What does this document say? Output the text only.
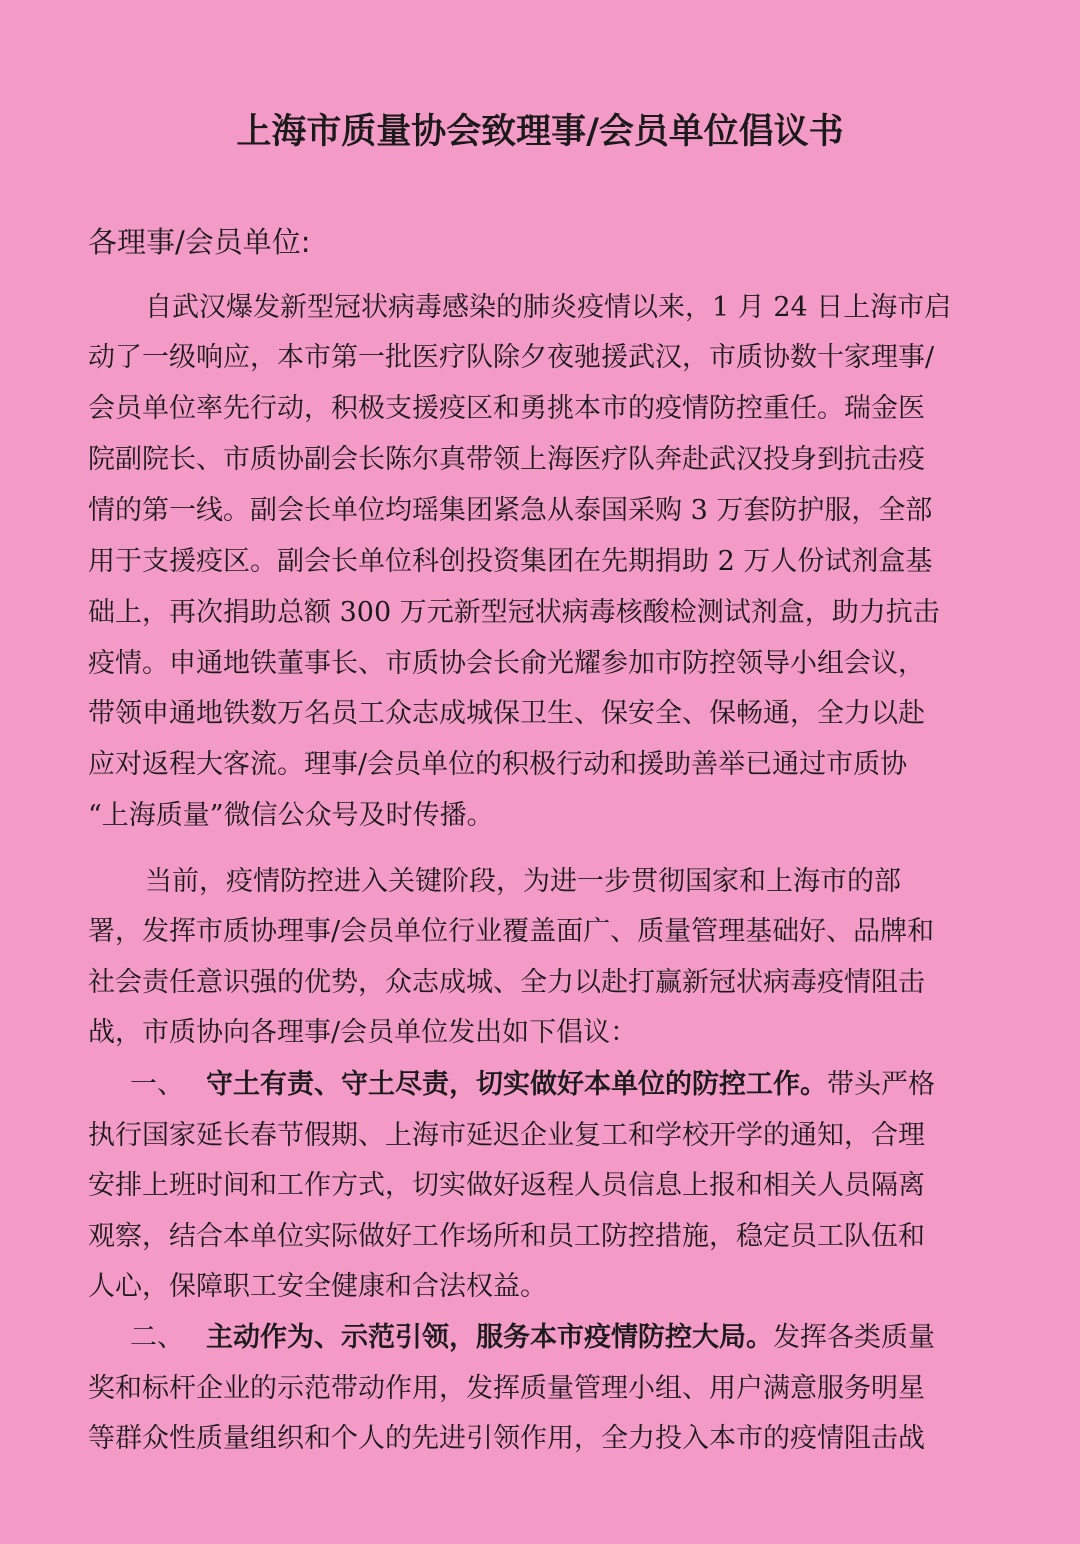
上海市质量协会致理事/会员单位倡议书
各理事/会员单位:
自武汉爆发新型冠状病毒感染的肺炎疫情以来，1 月 24 日上海市启
动了一级响应，本市第一批医疗队除夕夜驰援武汉，市质协数十家理事/
会员单位率先行动，积极支援疫区和勇挑本市的疫情防控重任。瑞金医
院副院长、市质协副会长陈尔真带领上海医疗队奔赴武汉投身到抗击疫
情的第一线。副会长单位均瑶集团紧急从泰国采购 3 万套防护服，全部
用于支援疫区。副会长单位科创投资集团在先期捐助 2 万人份试剂盒基
础上，再次捐助总额 300 万元新型冠状病毒核酸检测试剂盒，助力抗击
疫情。申通地铁董事长、市质协会长俞光耀参加市防控领导小组会议，
带领申通地铁数万名员工众志成城保卫生、保安全、保畅通，全力以赴
应对返程大客流。理事/会员单位的积极行动和援助善举已通过市质协
“上海质量”微信公众号及时传播。
当前，疫情防控进入关键阶段，为进一步贯彻国家和上海市的部
署，发挥市质协理事/会员单位行业覆盖面广、质量管理基础好、品牌和
社会责任意识强的优势，众志成城、全力以赴打赢新冠状病毒疫情阻击
战，市质协向各理事/会员单位发出如下倡议：
一、 守土有责、守土尽责，切实做好本单位的防控工作。带头严格
执行国家延长春节假期、上海市延迟企业复工和学校开学的通知，合理
安排上班时间和工作方式，切实做好返程人员信息上报和相关人员隔离
观察，结合本单位实际做好工作场所和员工防控措施，稳定员工队伍和
人心，保障职工安全健康和合法权益。
二、 主动作为、示范引领，服务本市疫情防控大局。发挥各类质量
奖和标杆企业的示范带动作用，发挥质量管理小组、用户满意服务明星
等群众性质量组织和个人的先进引领作用，全力投入本市的疫情阻击战
